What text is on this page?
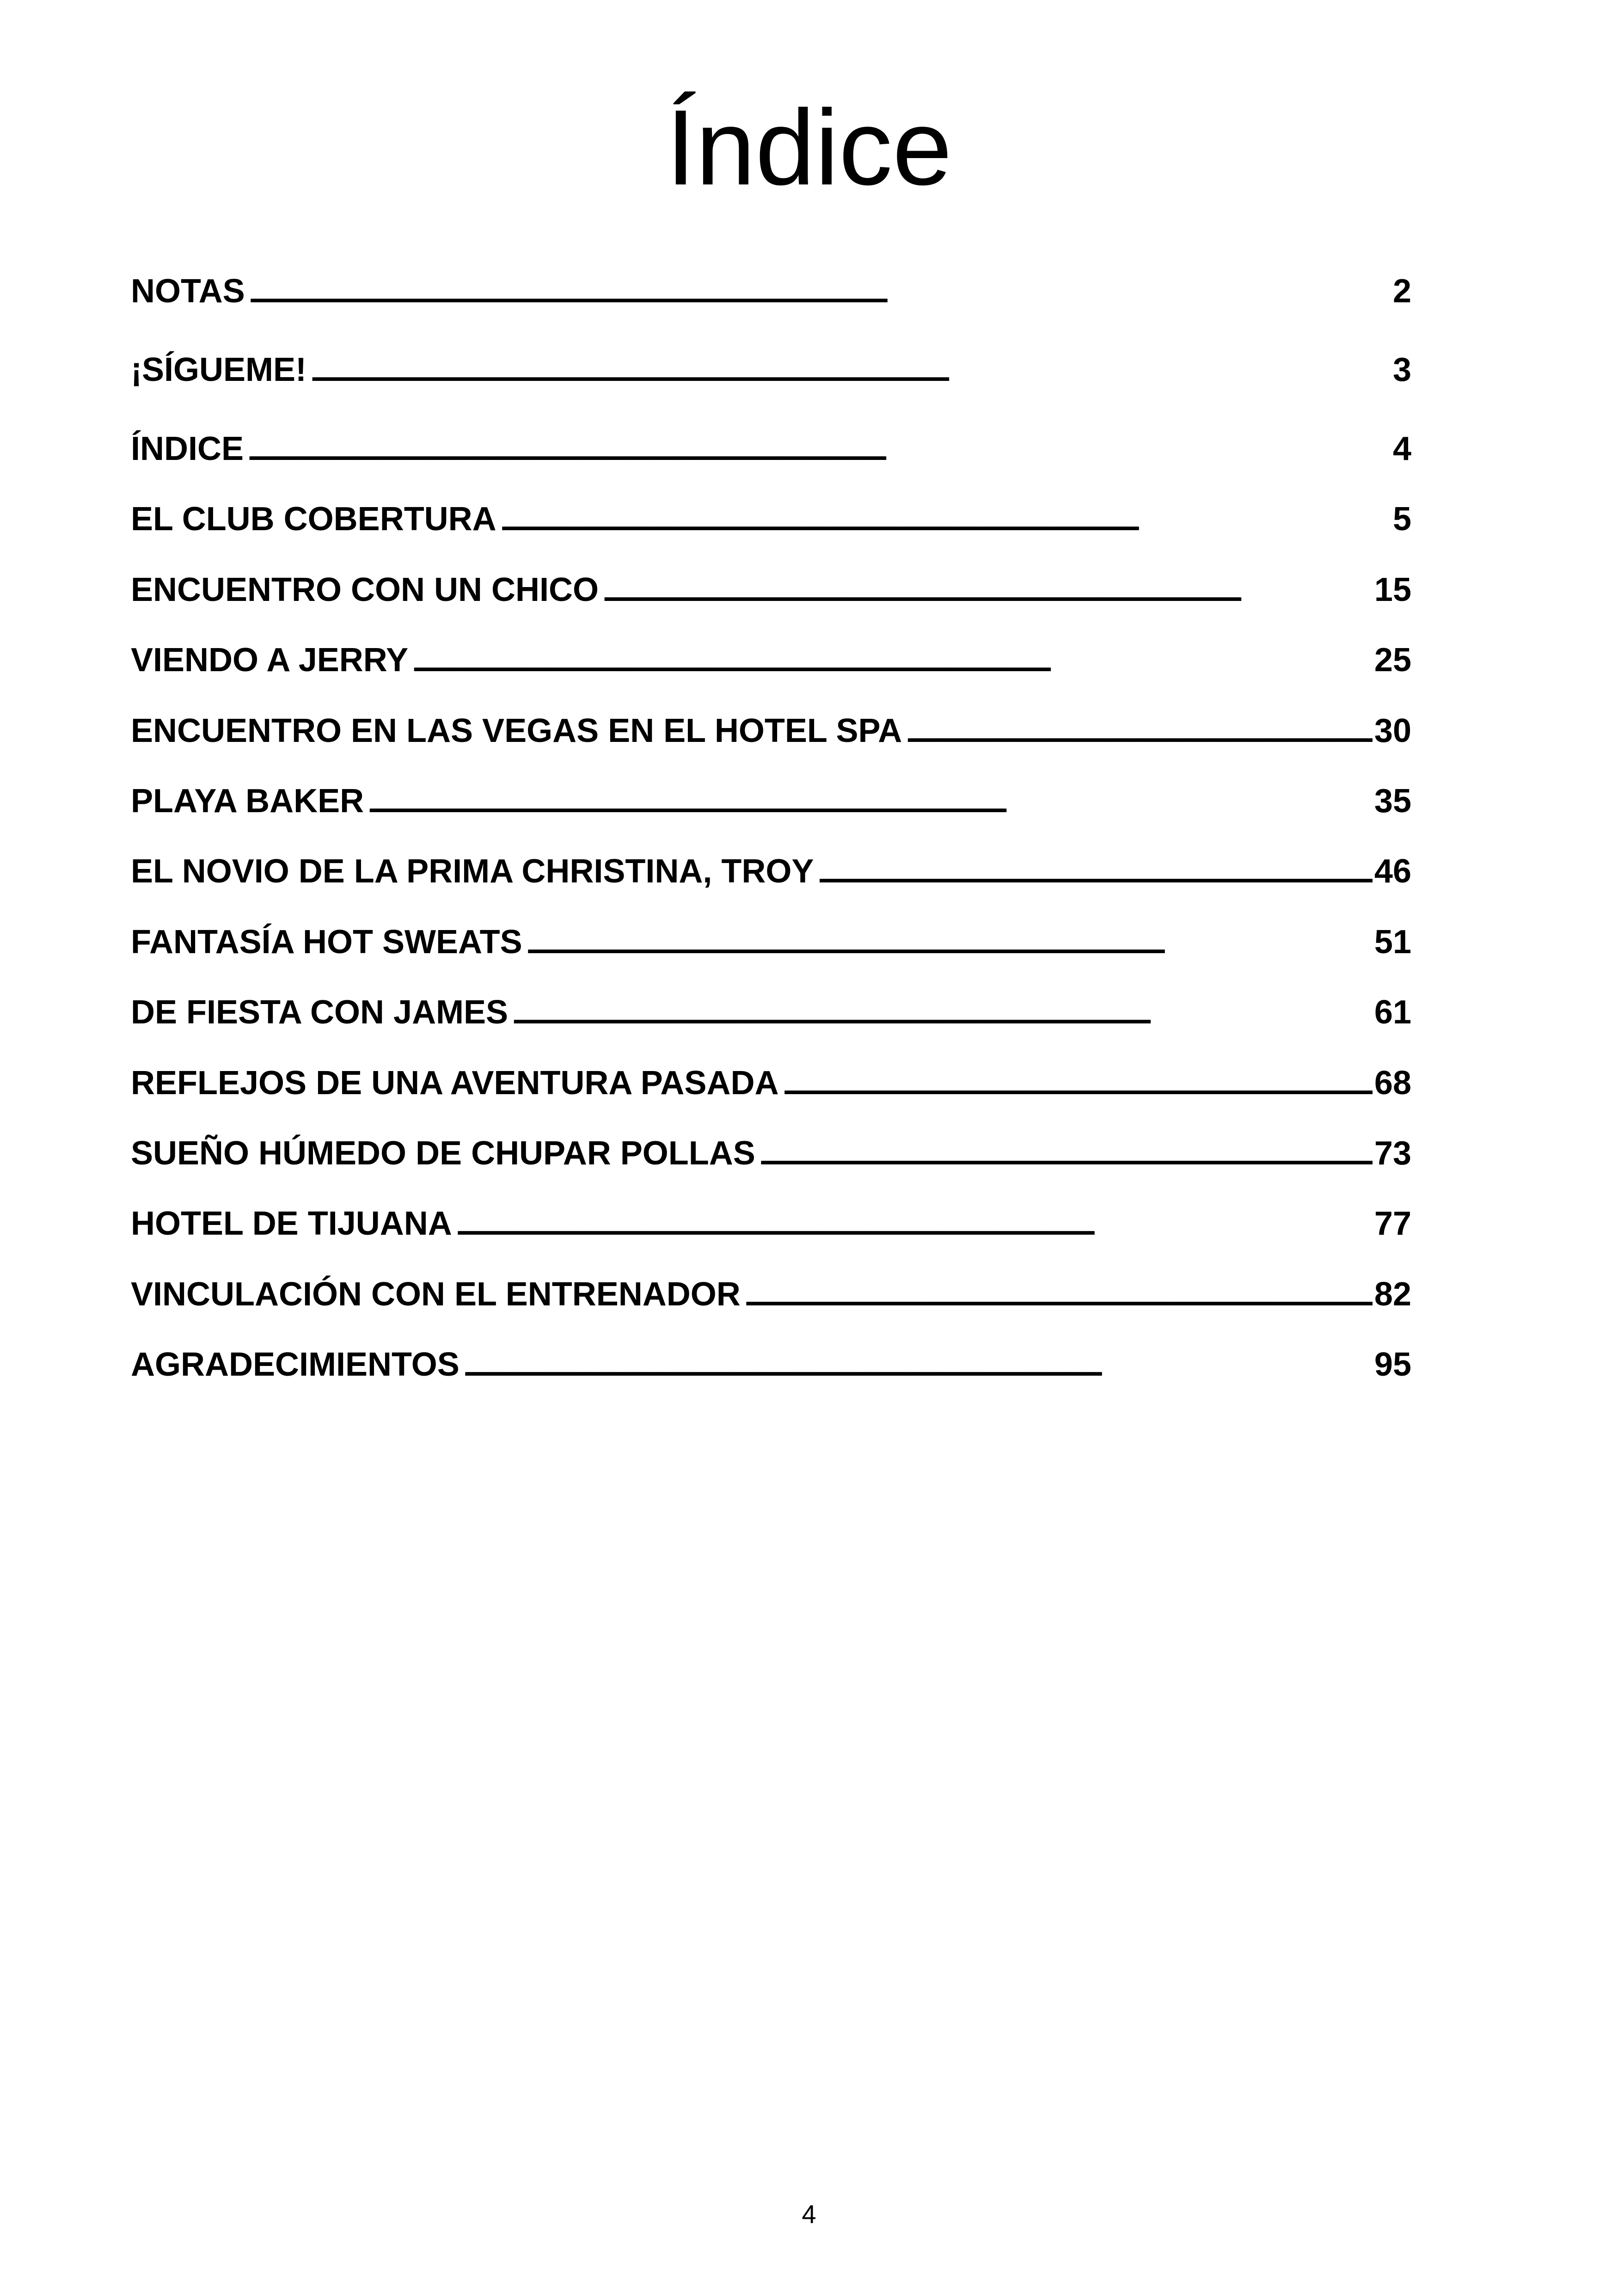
Índice
NOTAS . . .	2
¡SÍGUEME! . . .	3
ÍNDICE . . .	4
EL CLUB COBERTURA . . .	5
ENCUENTRO CON UN CHICO . . .	15
VIENDO A JERRY . . .	25
ENCUENTRO EN LAS VEGAS EN EL HOTEL SPA . . .	30
PLAYA BAKER . . .	35
EL NOVIO DE LA PRIMA CHRISTINA, TROY . . .	46
FANTASÍA HOT SWEATS . . .	51
DE FIESTA CON JAMES . . .	61
REFLEJOS DE UNA AVENTURA PASADA . . .	68
SUEÑO HÚMEDO DE CHUPAR POLLAS . . .	73
HOTEL DE TIJUANA . . .	77
VINCULACIÓN CON EL ENTRENADOR . . .	82
AGRADECIMIENTOS . . .	95
4
